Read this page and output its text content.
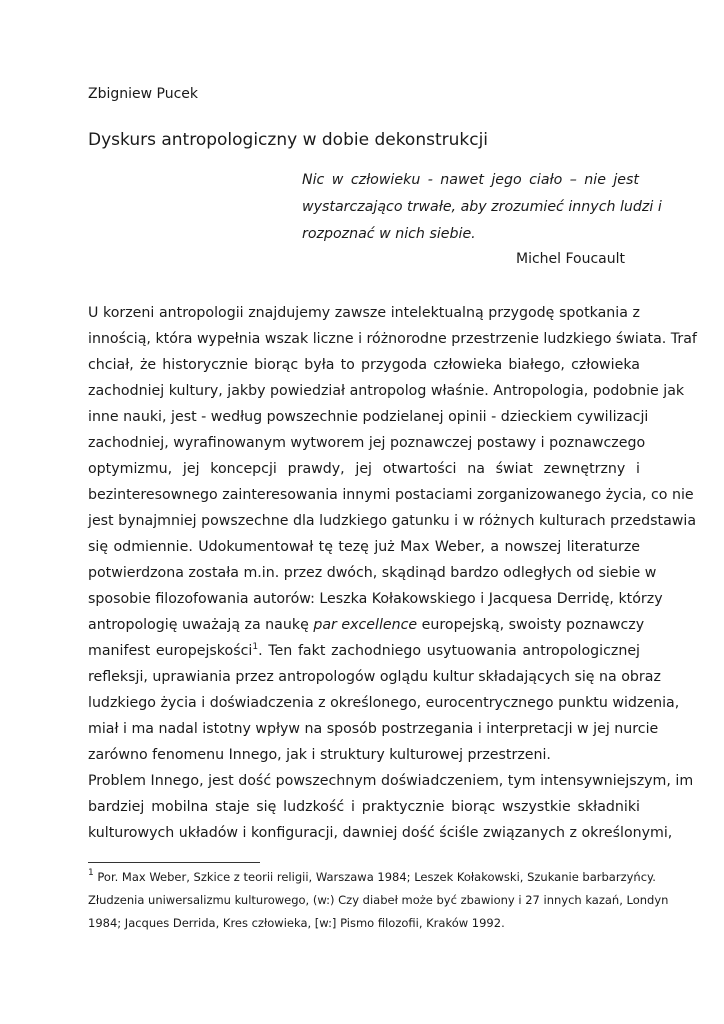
Zbigniew Pucek
Dyskurs antropologiczny w dobie dekonstrukcji
Nic w człowieku - nawet jego ciało – nie jest
wystarczająco trwałe, aby zrozumieć innych ludzi i
rozpoznać w nich siebie.
Michel Foucault
U korzeni antropologii znajdujemy zawsze intelektualną przygodę spotkania z
innością, która wypełnia wszak liczne i różnorodne przestrzenie ludzkiego świata. Traf
chciał, że historycznie biorąc była to przygoda człowieka białego, człowieka
zachodniej kultury, jakby powiedział antropolog właśnie. Antropologia, podobnie jak
inne nauki, jest - według powszechnie podzielanej opinii - dzieckiem cywilizacji
zachodniej, wyrafinowanym wytworem jej poznawczej postawy i poznawczego
optymizmu, jej koncepcji prawdy, jej otwartości na świat zewnętrzny i
bezinteresownego zainteresowania innymi postaciami zorganizowanego życia, co nie
jest bynajmniej powszechne dla ludzkiego gatunku i w różnych kulturach przedstawia
się odmiennie. Udokumentował tę tezę już Max Weber, a nowszej literaturze
potwierdzona została m.in. przez dwóch, skądinąd bardzo odległych od siebie w
sposobie filozofowania autorów: Leszka Kołakowskiego i Jacquesa Derridę, którzy
antropologię uważają za naukę par excellence europejską, swoisty poznawczy
manifest europejskości$^1$. Ten fakt zachodniego usytuowania antropologicznej
refleksji, uprawiania przez antropologów oglądu kultur składających się na obraz
ludzkiego życia i doświadczenia z określonego, eurocentrycznego punktu widzenia,
miał i ma nadal istotny wpływ na sposób postrzegania i interpretacji w jej nurcie
zarówno fenomenu Innego, jak i struktury kulturowej przestrzeni.
Problem Innego, jest dość powszechnym doświadczeniem, tym intensywniejszym, im
bardziej mobilna staje się ludzkość i praktycznie biorąc wszystkie składniki
kulturowych układów i konfiguracji, dawniej dość ściśle związanych z określonymi,
$^1$ Por. Max Weber, Szkice z teorii religii, Warszawa 1984; Leszek Kołakowski, Szukanie barbarzyńcy.
Złudzenia uniwersalizmu kulturowego, (w:) Czy diabeł może być zbawiony i 27 innych kazań, Londyn
1984; Jacques Derrida, Kres człowieka, [w:] Pismo filozofii, Kraków 1992.
